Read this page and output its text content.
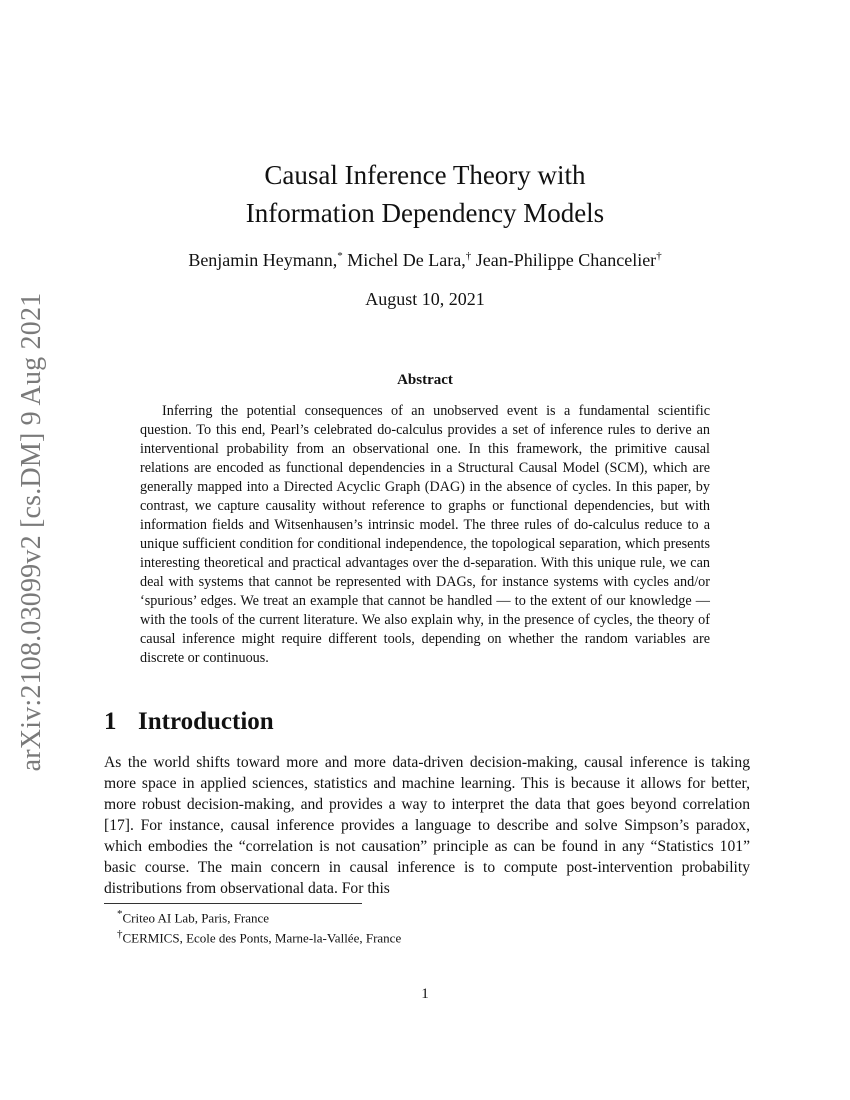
arXiv:2108.03099v2 [cs.DM] 9 Aug 2021
Causal Inference Theory with
Information Dependency Models
Benjamin Heymann,* Michel De Lara,† Jean-Philippe Chancelier†
August 10, 2021
Abstract
Inferring the potential consequences of an unobserved event is a fundamental scientific question. To this end, Pearl’s celebrated do-calculus provides a set of inference rules to derive an interventional probability from an observational one. In this framework, the primitive causal relations are encoded as functional dependencies in a Structural Causal Model (SCM), which are generally mapped into a Directed Acyclic Graph (DAG) in the absence of cycles. In this paper, by contrast, we capture causality without reference to graphs or functional dependencies, but with information fields and Witsenhausen’s intrinsic model. The three rules of do-calculus reduce to a unique sufficient condition for conditional independence, the topological separation, which presents interesting theoretical and practical advantages over the d-separation. With this unique rule, we can deal with systems that cannot be represented with DAGs, for instance systems with cycles and/or ‘spurious’ edges. We treat an example that cannot be handled — to the extent of our knowledge — with the tools of the current literature. We also explain why, in the presence of cycles, the theory of causal inference might require different tools, depending on whether the random variables are discrete or continuous.
1 Introduction
As the world shifts toward more and more data-driven decision-making, causal inference is taking more space in applied sciences, statistics and machine learning. This is because it allows for better, more robust decision-making, and provides a way to interpret the data that goes beyond correlation [17]. For instance, causal inference provides a language to describe and solve Simpson’s paradox, which embodies the “correlation is not causation” principle as can be found in any “Statistics 101” basic course. The main concern in causal inference is to compute post-intervention probability distributions from observational data. For this
*Criteo AI Lab, Paris, France
†CERMICS, Ecole des Ponts, Marne-la-Vallée, France
1
